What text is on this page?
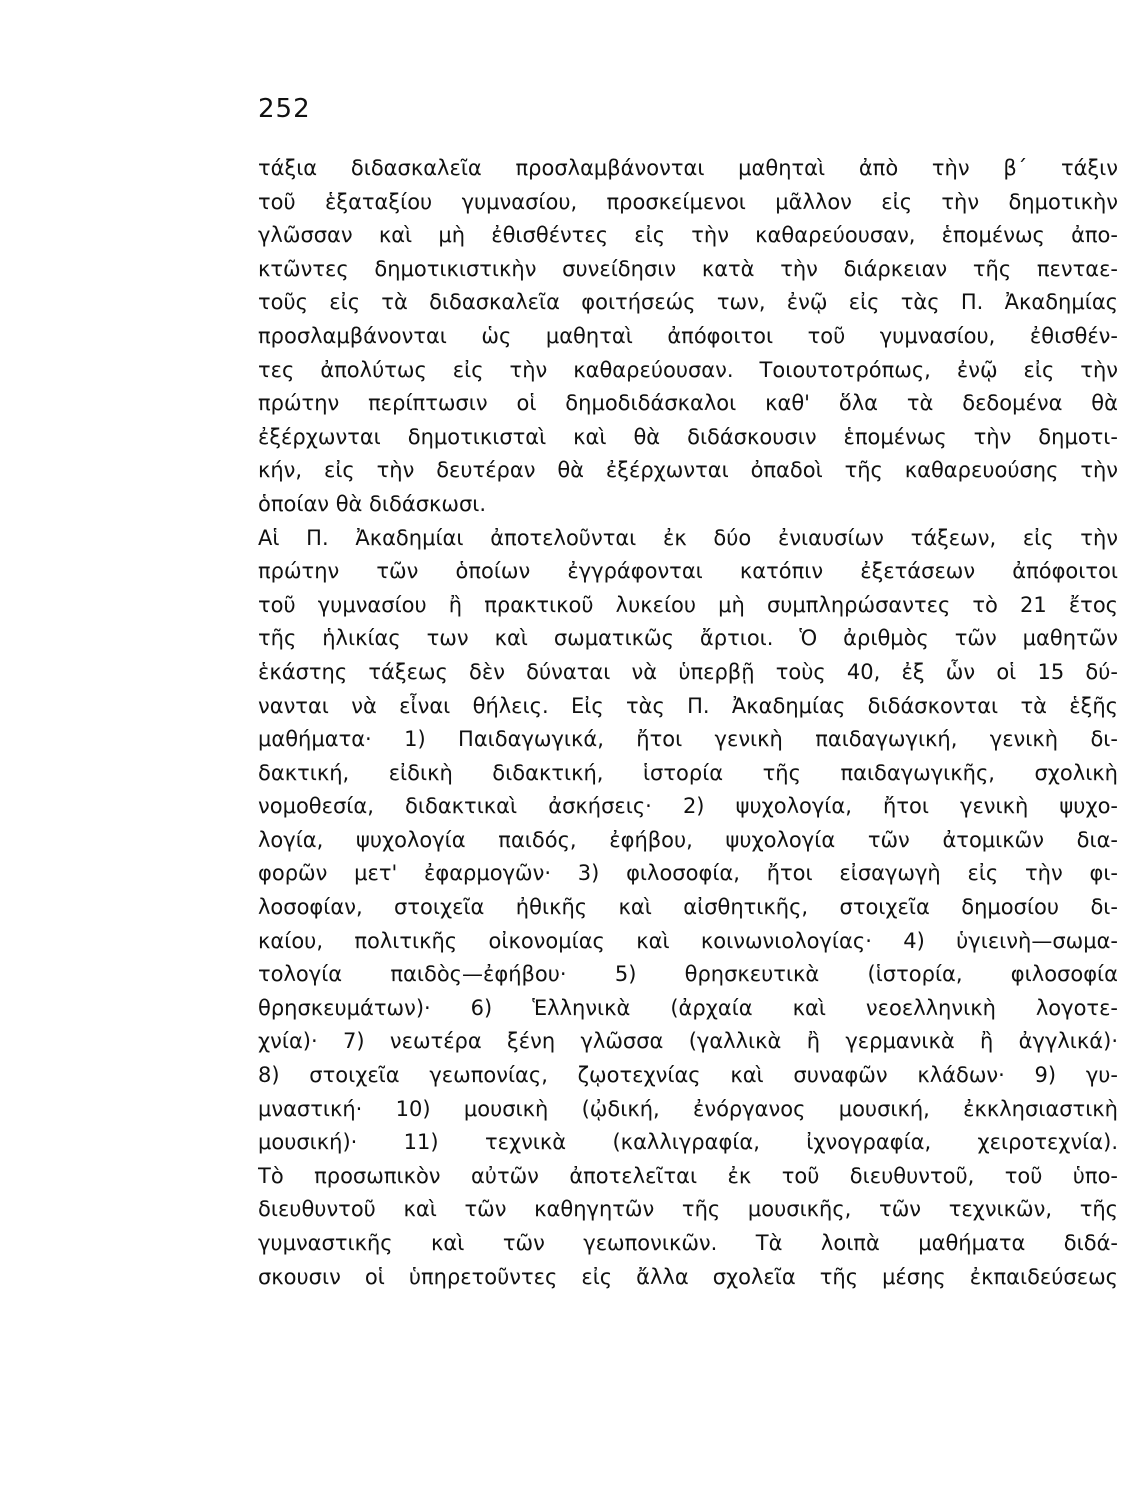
252
τάξια διδασκαλεῖα προσλαμβάνονται μαθηταὶ ἀπὸ τὴν β΄ τάξιν
τοῦ ἑξαταξίου γυμνασίου, προσκείμενοι μᾶλλον εἰς τὴν δημοτικὴν
γλῶσσαν καὶ μὴ ἐθισθέντες εἰς τὴν καθαρεύουσαν, ἑπομένως ἀπο-
κτῶντες δημοτικιστικὴν συνείδησιν κατὰ τὴν διάρκειαν τῆς πενταε-
τοῦς εἰς τὰ διδασκαλεῖα φοιτήσεώς των, ἐνῷ εἰς τὰς Π. Ἀκαδημίας
προσλαμβάνονται ὡς μαθηταὶ ἀπόφοιτοι τοῦ γυμνασίου, ἐθισθέν-
τες ἀπολύτως εἰς τὴν καθαρεύουσαν. Τοιουτοτρόπως, ἐνῷ εἰς τὴν
πρώτην περίπτωσιν οἱ δημοδιδάσκαλοι καθ' ὅλα τὰ δεδομένα θὰ
ἐξέρχωνται δημοτικισταὶ καὶ θὰ διδάσκουσιν ἑπομένως τὴν δημοτι-
κήν, εἰς τὴν δευτέραν θὰ ἐξέρχωνται ὀπαδοὶ τῆς καθαρευούσης τὴν
ὁποίαν θὰ διδάσκωσι.
Αἱ Π. Ἀκαδημίαι ἀποτελοῦνται ἐκ δύο ἐνιαυσίων τάξεων, εἰς τὴν
πρώτην τῶν ὁποίων ἐγγράφονται κατόπιν ἐξετάσεων ἀπόφοιτοι
τοῦ γυμνασίου ἢ πρακτικοῦ λυκείου μὴ συμπληρώσαντες τὸ 21 ἔτος
τῆς ἡλικίας των καὶ σωματικῶς ἄρτιοι. Ὁ ἀριθμὸς τῶν μαθητῶν
ἑκάστης τάξεως δὲν δύναται νὰ ὑπερβῇ τοὺς 40, ἐξ ὧν οἱ 15 δύ-
νανται νὰ εἶναι θήλεις. Εἰς τὰς Π. Ἀκαδημίας διδάσκονται τὰ ἑξῆς
μαθήματα· 1) Παιδαγωγικά, ἤτοι γενικὴ παιδαγωγική, γενικὴ δι-
δακτική, εἰδικὴ διδακτική, ἱστορία τῆς παιδαγωγικῆς, σχολικὴ
νομοθεσία, διδακτικαὶ ἀσκήσεις· 2) ψυχολογία, ἤτοι γενικὴ ψυχο-
λογία, ψυχολογία παιδός, ἐφήβου, ψυχολογία τῶν ἀτομικῶν δια-
φορῶν μετ' ἐφαρμογῶν· 3) φιλοσοφία, ἤτοι εἰσαγωγὴ εἰς τὴν φι-
λοσοφίαν, στοιχεῖα ἠθικῆς καὶ αἰσθητικῆς, στοιχεῖα δημοσίου δι-
καίου, πολιτικῆς οἰκονομίας καὶ κοινωνιολογίας· 4) ὑγιεινὴ—σωμα-
τολογία παιδὸς—ἐφήβου· 5) θρησκευτικὰ (ἱστορία, φιλοσοφία
θρησκευμάτων)· 6) Ἑλληνικὰ (ἀρχαία καὶ νεοελληνικὴ λογοτε-
χνία)· 7) νεωτέρα ξένη γλῶσσα (γαλλικὰ ἢ γερμανικὰ ἢ ἀγγλικά)·
8) στοιχεῖα γεωπονίας, ζῳοτεχνίας καὶ συναφῶν κλάδων· 9) γυ-
μναστική· 10) μουσικὴ (ᾠδική, ἐνόργανος μουσική, ἐκκλησιαστικὴ
μουσική)· 11) τεχνικὰ (καλλιγραφία, ἰχνογραφία, χειροτεχνία).
Τὸ προσωπικὸν αὐτῶν ἀποτελεῖται ἐκ τοῦ διευθυντοῦ, τοῦ ὑπο-
διευθυντοῦ καὶ τῶν καθηγητῶν τῆς μουσικῆς, τῶν τεχνικῶν, τῆς
γυμναστικῆς καὶ τῶν γεωπονικῶν. Τὰ λοιπὰ μαθήματα διδά-
σκουσιν οἱ ὑπηρετοῦντες εἰς ἄλλα σχολεῖα τῆς μέσης ἐκπαιδεύσεως
